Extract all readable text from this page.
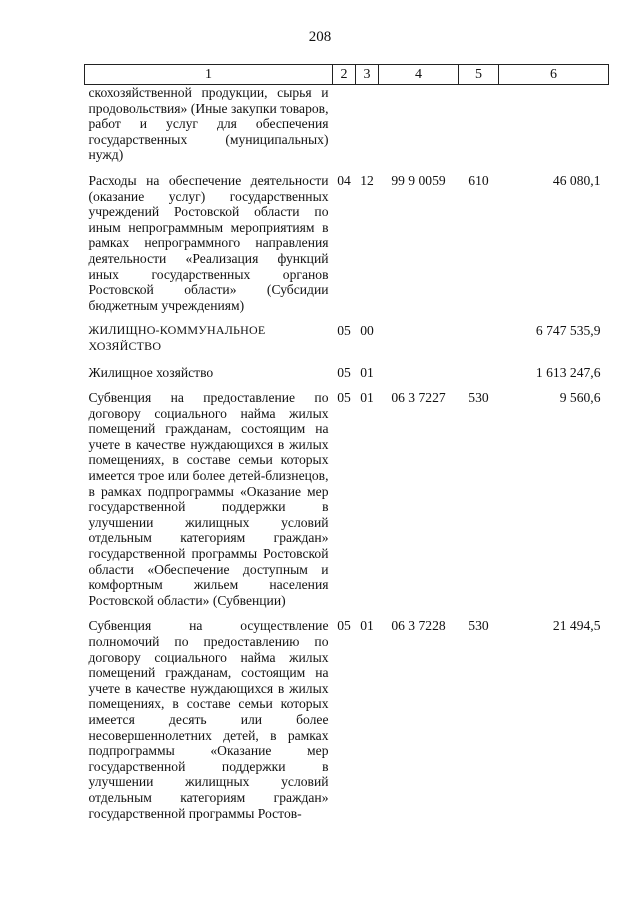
208
1	2	3	4	5	6
скохозяйственной продукции, сырья и продовольствия» (Иные закупки товаров, работ и услуг для обеспечения государственных (муниципальных) нужд)					
Расходы на обеспечение деятельности (оказание услуг) государственных учреждений Ростовской области по иным непрограммным мероприятиям в рамках непрограммного направления деятельности «Реализация функций иных государственных органов Ростовской области» (Субсидии бюджетным учреждениям)	04	12	99 9 0059	610	46 080,1
ЖИЛИЩНО-КОММУНАЛЬНОЕ ХОЗЯЙСТВО	05	00			6 747 535,9
Жилищное хозяйство	05	01			1 613 247,6
Субвенция на предоставление по договору социального найма жилых помещений гражданам, состоящим на учете в качестве нуждающихся в жилых помещениях, в составе семьи которых имеется трое или более детей-близнецов, в рамках подпрограммы «Оказание мер государственной поддержки в улучшении жилищных условий отдельным категориям граждан» государственной программы Ростовской области «Обеспечение доступным и комфортным жильем населения Ростовской области» (Субвенции)	05	01	06 3 7227	530	9 560,6
Субвенция на осуществление полномочий по предоставлению по договору социального найма жилых помещений гражданам, состоящим на учете в качестве нуждающихся в жилых помещениях, в составе семьи которых имеется десять или более несовершеннолетних детей, в рамках подпрограммы «Оказание мер государственной поддержки в улучшении жилищных условий отдельным категориям граждан» государственной программы Ростов-	05	01	06 3 7228	530	21 494,5
